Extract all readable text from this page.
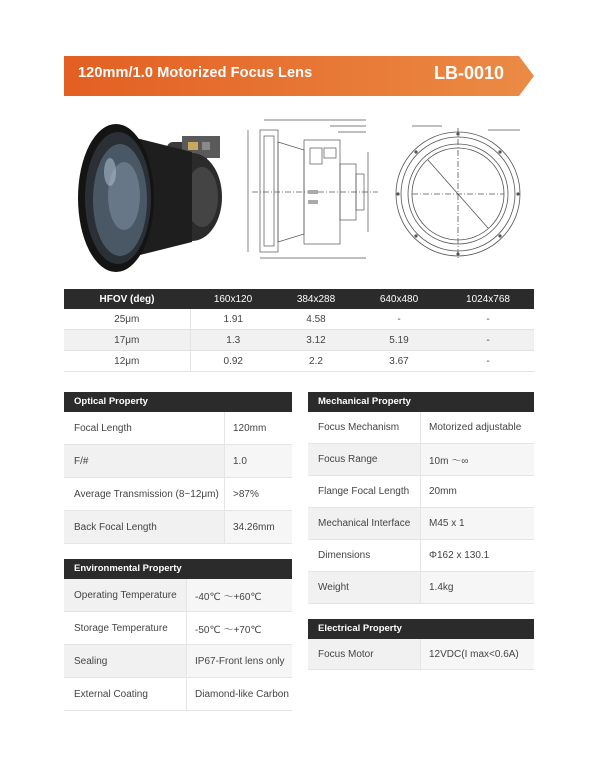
120mm/1.0 Motorized Focus Lens	LB-0010
HFOV (deg)	160x120	384x288	640x480	1024x768
25μm	1.91	4.58	-	-
17μm	1.3	3.12	5.19	-
12μm	0.92	2.2	3.67	-
Optical Property
Focal Length	120mm
F/#	1.0
Average Transmission (8~12μm)	>87%
Back Focal Length	34.26mm
Mechanical Property
Focus Mechanism	Motorized adjustable
Focus Range	10m ～∞
Flange Focal Length	20mm
Mechanical Interface	M45 x 1
Dimensions	Φ162 x 130.1
Weight	1.4kg
Environmental Property
Operating Temperature	-40℃ ～+60℃
Storage Temperature	-50℃ ～+70℃
Sealing	IP67-Front lens only
External Coating	Diamond-like Carbon
Electrical Property
Focus Motor	12VDC(I max<0.6A)
